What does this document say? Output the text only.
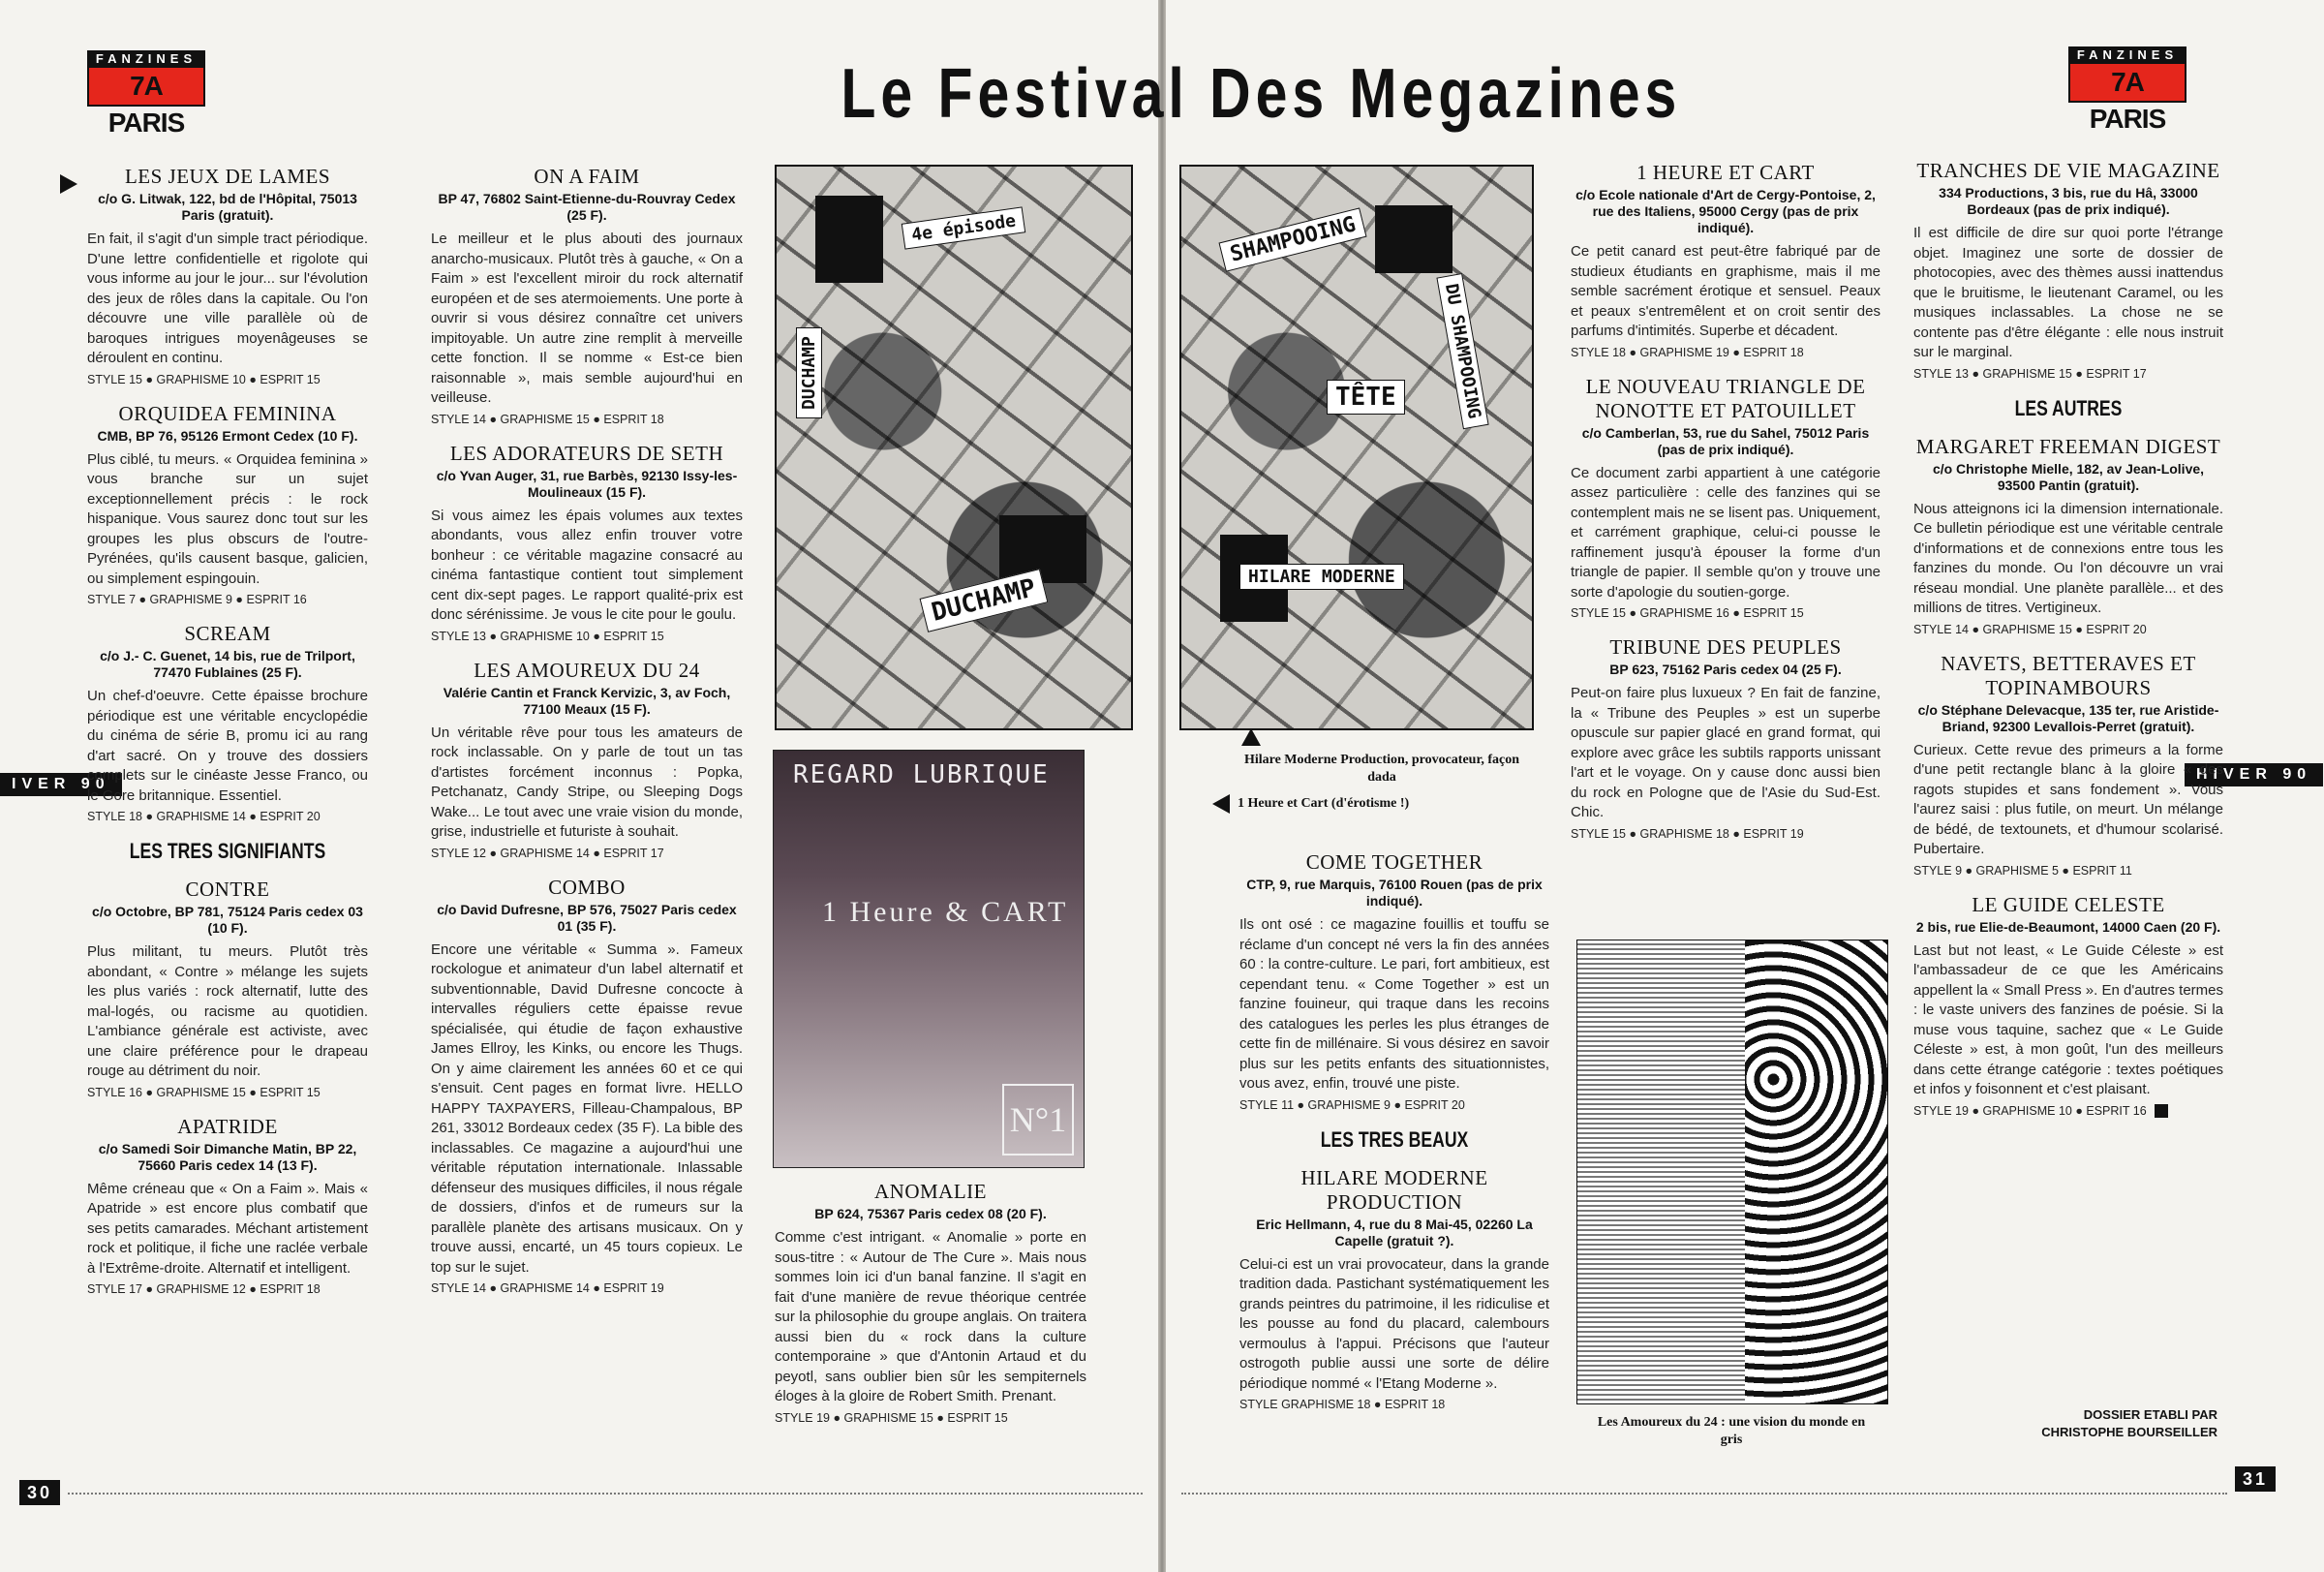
Le Festival Des Megazines
FANZINES
7A PARIS
FANZINES
7A PARIS
IVER 90
HIVER 90
30
31
LES JEUX DE LAMES

c/o G. Litwak, 122, bd de l'Hôpital, 75013 Paris (gratuit).

En fait, il s'agit d'un simple tract périodique. D'une lettre confidentielle et rigolote qui vous informe au jour le jour... sur l'évolution des jeux de rôles dans la capitale. Ou l'on découvre une ville parallèle où de baroques intrigues moyenâgeuses se déroulent en continu.

STYLE 15 ● GRAPHISME 10 ● ESPRIT 15

ORQUIDEA FEMININA

CMB, BP 76, 95126 Ermont Cedex (10 F).

Plus ciblé, tu meurs. « Orquidea feminina » vous branche sur un sujet exceptionnellement précis : le rock hispanique. Vous saurez donc tout sur les groupes les plus obscurs de l'outre-Pyrénées, qu'ils causent basque, galicien, ou simplement espingouin.

STYLE 7 ● GRAPHISME 9 ● ESPRIT 16

SCREAM

c/o J.- C. Guenet, 14 bis, rue de Trilport, 77470 Fublaines (25 F).

Un chef-d'oeuvre. Cette épaisse brochure périodique est une véritable encyclopédie du cinéma de série B, promu ici au rang d'art sacré. On y trouve des dossiers complets sur le cinéaste Jesse Franco, ou le Gore britannique. Essentiel.

STYLE 18 ● GRAPHISME 14 ● ESPRIT 20

LES TRES SIGNIFIANTS
CONTRE

c/o Octobre, BP 781, 75124 Paris cedex 03 (10 F).

Plus militant, tu meurs. Plutôt très abondant, « Contre » mélange les sujets les plus variés : rock alternatif, lutte des mal-logés, ou racisme au quotidien. L'ambiance générale est activiste, avec une claire préférence pour le drapeau rouge au détriment du noir.

STYLE 16 ● GRAPHISME 15 ● ESPRIT 15

APATRIDE

c/o Samedi Soir Dimanche Matin, BP 22, 75660 Paris cedex 14 (13 F).

Même créneau que « On a Faim ». Mais « Apatride » est encore plus combatif que ses petits camarades. Méchant artistement rock et politique, il fiche une raclée verbale à l'Extrême-droite. Alternatif et intelligent.

STYLE 17 ● GRAPHISME 12 ● ESPRIT 18

ON A FAIM

BP 47, 76802 Saint-Etienne-du-Rouvray Cedex (25 F).

Le meilleur et le plus abouti des journaux anarcho-musicaux. Plutôt très à gauche, « On a Faim » est l'excellent miroir du rock alternatif européen et de ses atermoiements. Une porte à ouvrir si vous désirez connaître cet univers impitoyable. Un autre zine remplit à merveille cette fonction. Il se nomme « Est-ce bien raisonnable », mais semble aujourd'hui en veilleuse.

STYLE 14 ● GRAPHISME 15 ● ESPRIT 18

LES ADORATEURS DE SETH

c/o Yvan Auger, 31, rue Barbès, 92130 Issy-les-Moulineaux (15 F).

Si vous aimez les épais volumes aux textes abondants, vous allez enfin trouver votre bonheur : ce véritable magazine consacré au cinéma fantastique contient tout simplement cent dix-sept pages. Le rapport qualité-prix est donc sérénissime. Je vous le cite pour le goulu.

STYLE 13 ● GRAPHISME 10 ● ESPRIT 15

LES AMOUREUX DU 24

Valérie Cantin et Franck Kervizic, 3, av Foch, 77100 Meaux (15 F).

Un véritable rêve pour tous les amateurs de rock inclassable. On y parle de tout un tas d'artistes forcément inconnus : Popka, Petchanatz, Candy Stripe, ou Sleeping Dogs Wake... Le tout avec une vraie vision du monde, grise, industrielle et futuriste à souhait.

STYLE 12 ● GRAPHISME 14 ● ESPRIT 17

COMBO

c/o David Dufresne, BP 576, 75027 Paris cedex 01 (35 F).

Encore une véritable « Summa ». Fameux rockologue et animateur d'un label alternatif et subventionnable, David Dufresne concocte à intervalles réguliers cette épaisse revue spécialisée, qui étudie de façon exhaustive James Ellroy, les Kinks, ou encore les Thugs. On y aime clairement les années 60 et ce qui s'ensuit. Cent pages en format livre. HELLO HAPPY TAXPAYERS, Filleau-Champalous, BP 261, 33012 Bordeaux cedex (35 F). La bible des inclassables. Ce magazine a aujourd'hui une véritable réputation internationale. Inlassable défenseur des musiques difficiles, il nous régale de dossiers, d'infos et de rumeurs sur la parallèle planète des artisans musicaux. On y trouve aussi, encarté, un 45 tours copieux. Le top sur le sujet.

STYLE 14 ● GRAPHISME 14 ● ESPRIT 19

ANOMALIE

BP 624, 75367 Paris cedex 08 (20 F).

Comme c'est intrigant. « Anomalie » porte en sous-titre : « Autour de The Cure ». Mais nous sommes loin ici d'un banal fanzine. Il s'agit en fait d'une manière de revue théorique centrée sur la philosophie du groupe anglais. On traitera aussi bien du « rock dans la culture contemporaine » que d'Antonin Artaud et du peyotl, sans oublier bien sûr les sempiternels éloges à la gloire de Robert Smith. Prenant.

STYLE 19 ● GRAPHISME 15 ● ESPRIT 15

1 HEURE ET CART

c/o Ecole nationale d'Art de Cergy-Pontoise, 2, rue des Italiens, 95000 Cergy (pas de prix indiqué).

Ce petit canard est peut-être fabriqué par de studieux étudiants en graphisme, mais il me semble sacrément érotique et sensuel. Peaux et peaux s'entremêlent et on croit sentir des parfums d'intimités. Superbe et décadent.

STYLE 18 ● GRAPHISME 19 ● ESPRIT 18

LE NOUVEAU TRIANGLE DE NONOTTE ET PATOUILLET

c/o Camberlan, 53, rue du Sahel, 75012 Paris (pas de prix indiqué).

Ce document zarbi appartient à une catégorie assez particulière : celle des fanzines qui se contemplent mais ne se lisent pas. Uniquement, et carrément graphique, celui-ci pousse le raffinement jusqu'à épouser la forme d'un triangle de papier. Il semble qu'on y trouve une sorte d'apologie du soutien-gorge.

STYLE 15 ● GRAPHISME 16 ● ESPRIT 15

TRIBUNE DES PEUPLES

BP 623, 75162 Paris cedex 04 (25 F).

Peut-on faire plus luxueux ? En fait de fanzine, la « Tribune des Peuples » est un superbe opuscule sur papier glacé en grand format, qui explore avec grâce les subtils rapports unissant l'art et le voyage. On y cause donc aussi bien du rock en Pologne que de l'Asie du Sud-Est. Chic.

STYLE 15 ● GRAPHISME 18 ● ESPRIT 19

COME TOGETHER

CTP, 9, rue Marquis, 76100 Rouen (pas de prix indiqué).

Ils ont osé : ce magazine fouillis et touffu se réclame d'un concept né vers la fin des années 60 : la contre-culture. Le pari, fort ambitieux, est cependant tenu. « Come Together » est un fanzine fouineur, qui traque dans les recoins des catalogues les perles les plus étranges de cette fin de millénaire. Si vous désirez en savoir plus sur les petits enfants des situationnistes, vous avez, enfin, trouvé une piste.

STYLE 11 ● GRAPHISME 9 ● ESPRIT 20

LES TRES BEAUX
HILARE MODERNE PRODUCTION

Eric Hellmann, 4, rue du 8 Mai-45, 02260 La Capelle (gratuit ?).

Celui-ci est un vrai provocateur, dans la grande tradition dada. Pastichant systématiquement les grands peintres du patrimoine, il les ridiculise et les pousse au fond du placard, calembours vermoulus à l'appui. Précisons que l'auteur ostrogoth publie aussi une sorte de délire périodique nommé « l'Etang Moderne ».

STYLE GRAPHISME 18 ● ESPRIT 18

TRANCHES DE VIE MAGAZINE

334 Productions, 3 bis, rue du Hâ, 33000 Bordeaux (pas de prix indiqué).

Il est difficile de dire sur quoi porte l'étrange objet. Imaginez une sorte de dossier de photocopies, avec des thèmes aussi inattendus que le bruitisme, le lieutenant Caramel, ou les musiques inclassables. La chose ne se contente pas d'être élégante : elle nous instruit sur le marginal.

STYLE 13 ● GRAPHISME 15 ● ESPRIT 17

LES AUTRES
MARGARET FREEMAN DIGEST

c/o Christophe Mielle, 182, av Jean-Lolive, 93500 Pantin (gratuit).

Nous atteignons ici la dimension internationale. Ce bulletin périodique est une véritable centrale d'informations et de connexions entre tous les fanzines du monde. Ou l'on découvre un vrai réseau mondial. Une planète parallèle... et des millions de titres. Vertigineux.

STYLE 14 ● GRAPHISME 15 ● ESPRIT 20

NAVETS, BETTERAVES ET TOPINAMBOURS

c/o Stéphane Delevacque, 135 ter, rue Aristide-Briand, 92300 Levallois-Perret (gratuit).

Curieux. Cette revue des primeurs a la forme d'une petit rectangle blanc à la gloire « des ragots stupides et sans fondement ». Vous l'aurez saisi : plus futile, on meurt. Un mélange de bédé, de textounets, et d'humour scolarisé. Pubertaire.

STYLE 9 ● GRAPHISME 5 ● ESPRIT 11

LE GUIDE CELESTE

2 bis, rue Elie-de-Beaumont, 14000 Caen (20 F).

Last but not least, « Le Guide Céleste » est l'ambassadeur de ce que les Américains appellent la « Small Press ». En d'autres termes : le vaste univers des fanzines de poésie. Si la muse vous taquine, sachez que « Le Guide Céleste » est, à mon goût, l'un des meilleurs dans cette étrange catégorie : textes poétiques et infos y foisonnent et c'est plaisant.

STYLE 19 ● GRAPHISME 10 ● ESPRIT 16

4e épisode
DUCHAMP
DUCHAMP
SHAMPOOING
TÊTE
HILARE MODERNE
DU SHAMPOOING
Hilare Moderne Production, provocateur, façon dada
1 Heure et Cart (d'érotisme !)
REGARD LUBRIQUE
1 Heure & CART
N°1
Les Amoureux du 24 : une vision du monde en gris
DOSSIER ETABLI PAR
CHRISTOPHE BOURSEILLER
